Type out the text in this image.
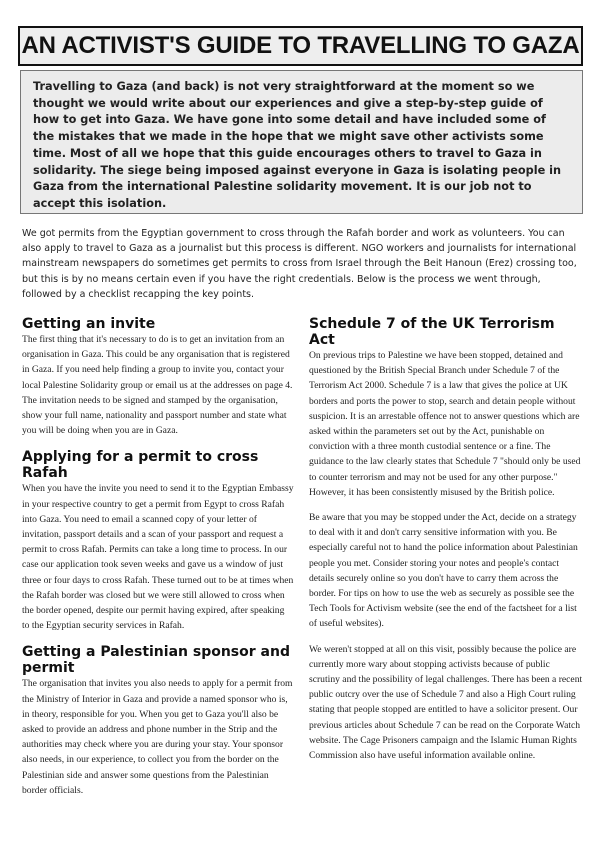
AN ACTIVIST'S GUIDE TO TRAVELLING TO GAZA

Travelling to Gaza (and back) is not very straightforward at the moment so we thought we would write about our experiences and give a step-by-step guide of how to get into Gaza. We have gone into some detail and have included some of the mistakes that we made in the hope that we might save other activists some time. Most of all we hope that this guide encourages others to travel to Gaza in solidarity. The siege being imposed against everyone in Gaza is isolating people in Gaza from the international Palestine solidarity movement. It is our job not to accept this isolation.

We got permits from the Egyptian government to cross through the Rafah border and work as volunteers. You can also apply to travel to Gaza as a journalist but this process is different. NGO workers and journalists for international mainstream newspapers do sometimes get permits to cross from Israel through the Beit Hanoun (Erez) crossing too, but this is by no means certain even if you have the right credentials. Below is the process we went through, followed by a checklist recapping the key points.

Getting an invite

The first thing that it's necessary to do is to get an invitation from an organisation in Gaza. This could be any organisation that is registered in Gaza. If you need help finding a group to invite you, contact your local Palestine Solidarity group or email us at the addresses on page 4. The invitation needs to be signed and stamped by the organisation, show your full name, nationality and passport number and state what you will be doing when you are in Gaza.

Applying for a permit to cross Rafah

When you have the invite you need to send it to the Egyptian Embassy in your respective country to get a permit from Egypt to cross Rafah into Gaza. You need to email a scanned copy of your letter of invitation, passport details and a scan of your passport and request a permit to cross Rafah. Permits can take a long time to process. In our case our application took seven weeks and gave us a window of just three or four days to cross Rafah. These turned out to be at times when the Rafah border was closed but we were still allowed to cross when the border opened, despite our permit having expired, after speaking to the Egyptian security services in Rafah.

Getting a Palestinian sponsor and permit

The organisation that invites you also needs to apply for a permit from the Ministry of Interior in Gaza and provide a named sponsor who is, in theory, responsible for you. When you get to Gaza you'll also be asked to provide an address and phone number in the Strip and the authorities may check where you are during your stay. Your sponsor also needs, in our experience, to collect you from the border on the Palestinian side and answer some questions from the Palestinian border officials.

Schedule 7 of the UK Terrorism Act

On previous trips to Palestine we have been stopped, detained and questioned by the British Special Branch under Schedule 7 of the Terrorism Act 2000. Schedule 7 is a law that gives the police at UK borders and ports the power to stop, search and detain people without suspicion. It is an arrestable offence not to answer questions which are asked within the parameters set out by the Act, punishable on conviction with a three month custodial sentence or a fine. The guidance to the law clearly states that Schedule 7 "should only be used to counter terrorism and may not be used for any other purpose." However, it has been consistently misused by the British police.

Be aware that you may be stopped under the Act, decide on a strategy to deal with it and don't carry sensitive information with you. Be especially careful not to hand the police information about Palestinian people you met. Consider storing your notes and people's contact details securely online so you don't have to carry them across the border. For tips on how to use the web as securely as possible see the Tech Tools for Activism website (see the end of the factsheet for a list of useful websites).

We weren't stopped at all on this visit, possibly because the police are currently more wary about stopping activists because of public scrutiny and the possibility of legal challenges. There has been a recent public outcry over the use of Schedule 7 and also a High Court ruling stating that people stopped are entitled to have a solicitor present. Our previous articles about Schedule 7 can be read on the Corporate Watch website. The Cage Prisoners campaign and the Islamic Human Rights Commission also have useful information available online.
